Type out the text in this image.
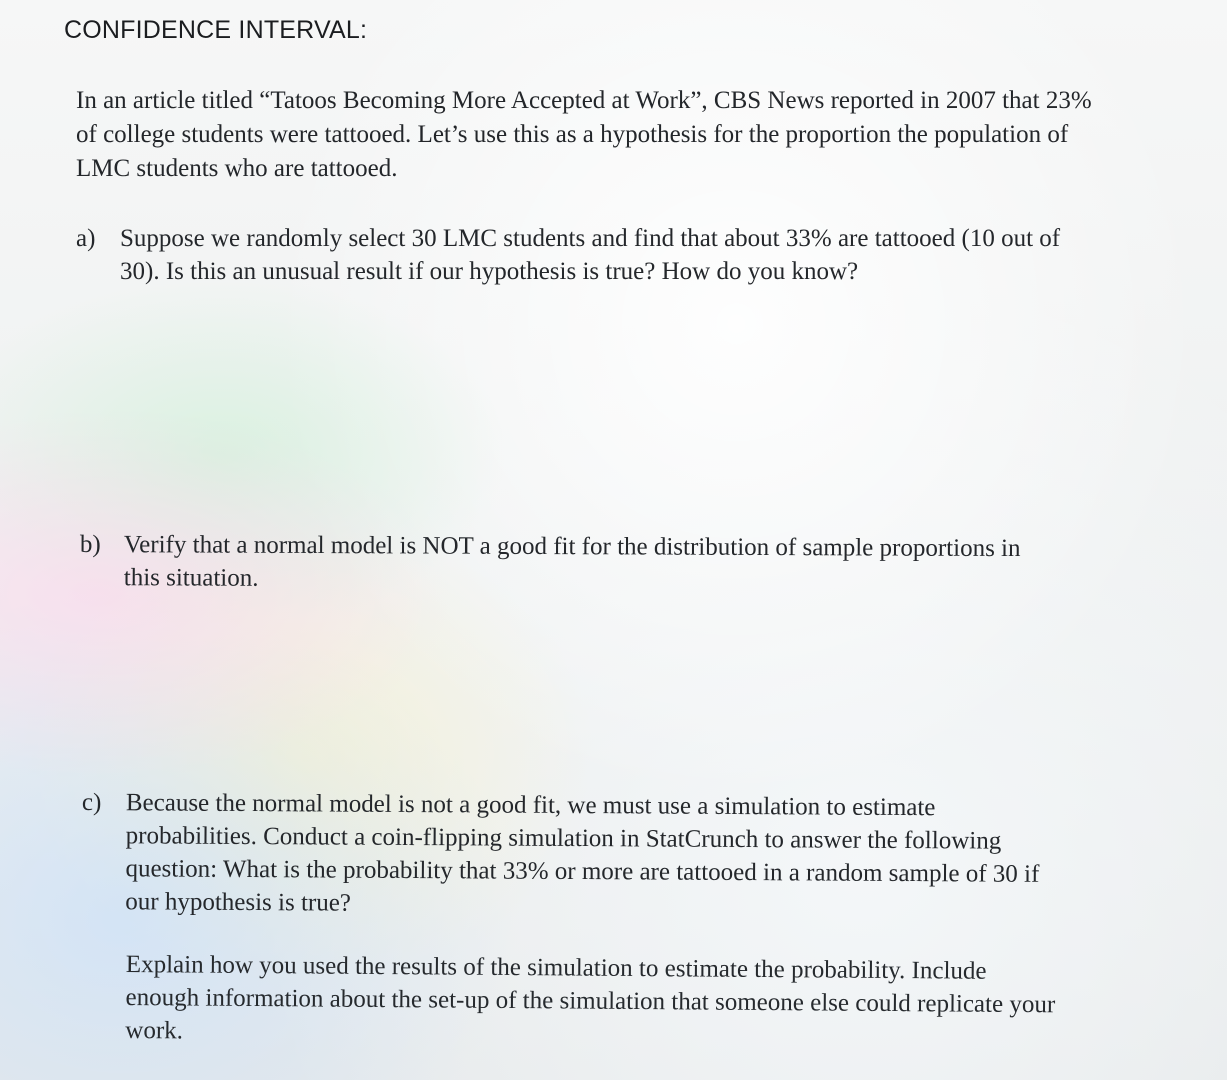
CONFIDENCE INTERVAL:
In an article titled “Tatoos Becoming More Accepted at Work”, CBS News reported in 2007 that 23% of college students were tattooed. Let’s use this as a hypothesis for the proportion the population of LMC students who are tattooed.
a) Suppose we randomly select 30 LMC students and find that about 33% are tattooed (10 out of 30). Is this an unusual result if our hypothesis is true? How do you know?
b) Verify that a normal model is NOT a good fit for the distribution of sample proportions in this situation.
c) Because the normal model is not a good fit, we must use a simulation to estimate probabilities. Conduct a coin-flipping simulation in StatCrunch to answer the following question: What is the probability that 33% or more are tattooed in a random sample of 30 if our hypothesis is true?
Explain how you used the results of the simulation to estimate the probability. Include enough information about the set-up of the simulation that someone else could replicate your work.
